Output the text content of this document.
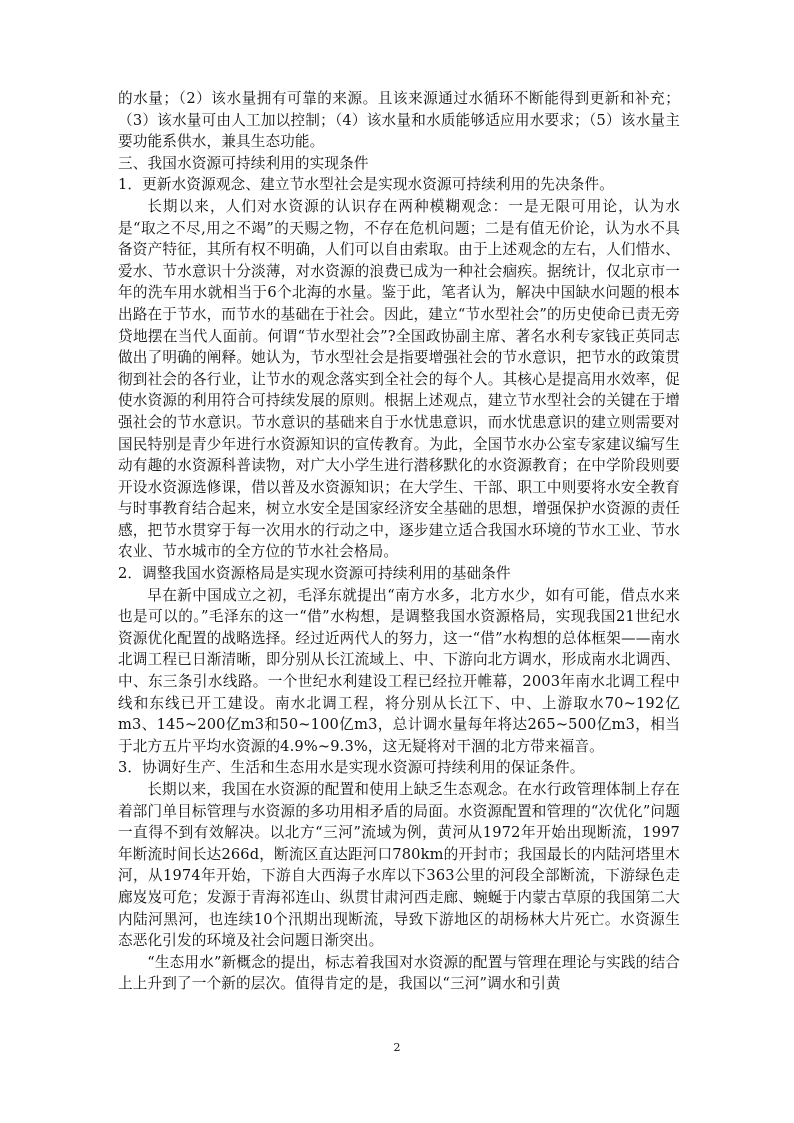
的水量；（2）该水量拥有可靠的来源。且该来源通过水循环不断能得到更新和补充；（3）该水量可由人工加以控制；（4）该水量和水质能够适应用水要求；（5）该水量主要功能系供水，兼具生态功能。

三、我国水资源可持续利用的实现条件

1．更新水资源观念、建立节水型社会是实现水资源可持续利用的先决条件。

长期以来，人们对水资源的认识存在两种模糊观念：一是无限可用论，认为水是“取之不尽,用之不竭”的天赐之物，不存在危机问题；二是有值无价论，认为水不具备资产特征，其所有权不明确，人们可以自由索取。由于上述观念的左右，人们惜水、爱水、节水意识十分淡薄，对水资源的浪费已成为一种社会痼疾。据统计，仅北京市一年的洗车用水就相当于6个北海的水量。鉴于此，笔者认为，解决中国缺水问题的根本出路在于节水，而节水的基础在于社会。因此，建立“节水型社会”的历史使命已责无旁贷地摆在当代人面前。何谓“节水型社会”?全国政协副主席、著名水利专家钱正英同志做出了明确的阐释。她认为，节水型社会是指要增强社会的节水意识，把节水的政策贯彻到社会的各行业，让节水的观念落实到全社会的每个人。其核心是提高用水效率，促使水资源的利用符合可持续发展的原则。根据上述观点，建立节水型社会的关键在于增强社会的节水意识。节水意识的基础来自于水忧患意识，而水忧患意识的建立则需要对国民特别是青少年进行水资源知识的宣传教育。为此，全国节水办公室专家建议编写生动有趣的水资源科普读物，对广大小学生进行潜移默化的水资源教育；在中学阶段则要开设水资源选修课，借以普及水资源知识；在大学生、干部、职工中则要将水安全教育与时事教育结合起来，树立水安全是国家经济安全基础的思想，增强保护水资源的责任感，把节水贯穿于每一次用水的行动之中，逐步建立适合我国水环境的节水工业、节水农业、节水城市的全方位的节水社会格局。

2．调整我国水资源格局是实现水资源可持续利用的基础条件

早在新中国成立之初，毛泽东就提出“南方水多，北方水少，如有可能，借点水来也是可以的。”毛泽东的这一“借”水构想，是调整我国水资源格局，实现我国21世纪水资源优化配置的战略选择。经过近两代人的努力，这一“借”水构想的总体框架——南水北调工程已日渐清晰，即分别从长江流域上、中、下游向北方调水，形成南水北调西、中、东三条引水线路。一个世纪水利建设工程已经拉开帷幕，2003年南水北调工程中线和东线已开工建设。南水北调工程，将分别从长江下、中、上游取水70~192亿m3、145~200亿m3和50~100亿m3，总计调水量每年将达265~500亿m3，相当于北方五片平均水资源的4.9%~9.3%，这无疑将对干涸的北方带来福音。

3．协调好生产、生活和生态用水是实现水资源可持续利用的保证条件。

长期以来，我国在水资源的配置和使用上缺乏生态观念。在水行政管理体制上存在着部门单目标管理与水资源的多功用相矛盾的局面。水资源配置和管理的“次优化”问题一直得不到有效解决。以北方“三河”流域为例，黄河从1972年开始出现断流，1997年断流时间长达266d，断流区直达距河口780km的开封市；我国最长的内陆河塔里木河，从1974年开始，下游自大西海子水库以下363公里的河段全部断流，下游绿色走廊岌岌可危；发源于青海祁连山、纵贯甘肃河西走廊、蜿蜒于内蒙古草原的我国第二大内陆河黑河，也连续10个汛期出现断流，导致下游地区的胡杨林大片死亡。水资源生态恶化引发的环境及社会问题日渐突出。

“生态用水”新概念的提出，标志着我国对水资源的配置与管理在理论与实践的结合上上升到了一个新的层次。值得肯定的是，我国以“三河”调水和引黄

2
